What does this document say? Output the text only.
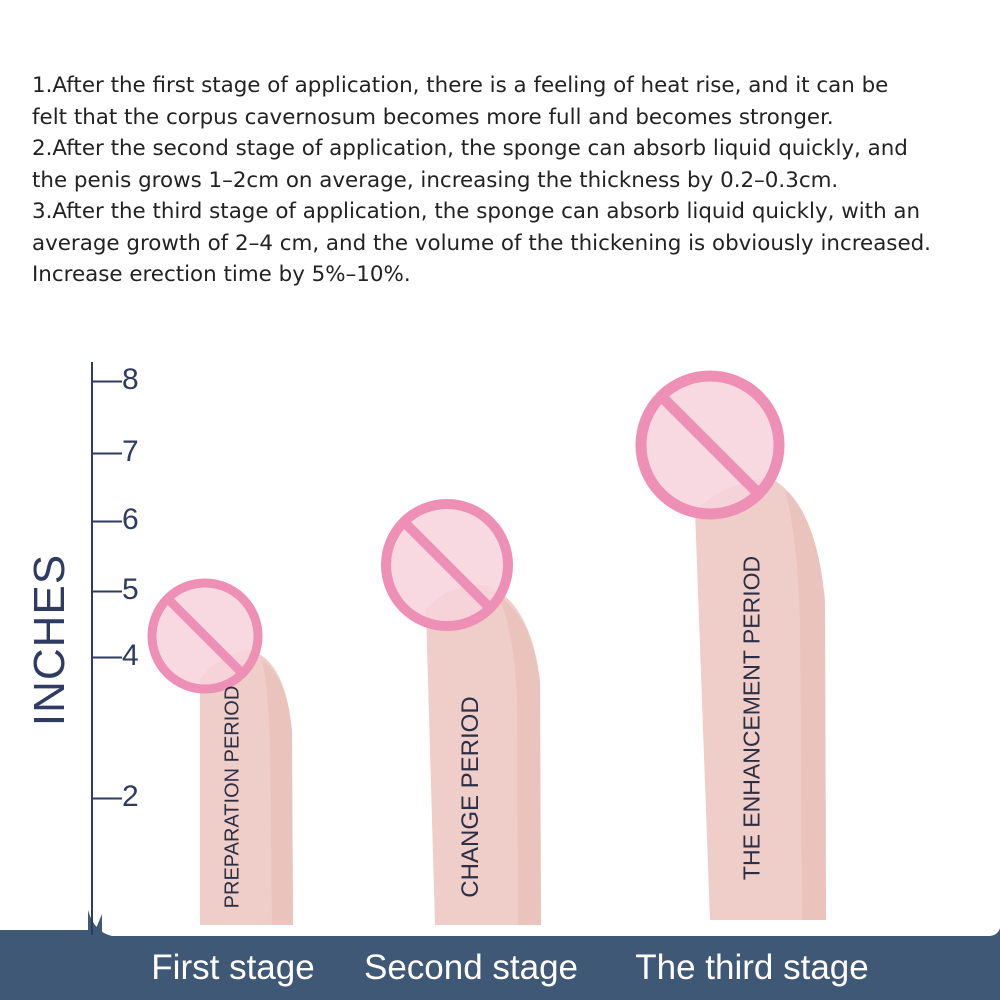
1.After the first stage of application, there is a feeling of heat rise, and it can be

felt that the corpus cavernosum becomes more full and becomes stronger.

2.After the second stage of application, the sponge can absorb liquid quickly, and

the penis grows 1–2cm on average, increasing the thickness by 0.2–0.3cm.

3.After the third stage of application, the sponge can absorb liquid quickly, with an

average growth of 2–4 cm, and the volume of the thickening is obviously increased.

Increase erection time by 5%–10%.

INCHES
—8
—7
—6
—5
—4
—2	PREPARATION PERIOD	CHANGE PERIOD	THE ENHANCEMENT PERIOD
First stage Second stage The third stage
